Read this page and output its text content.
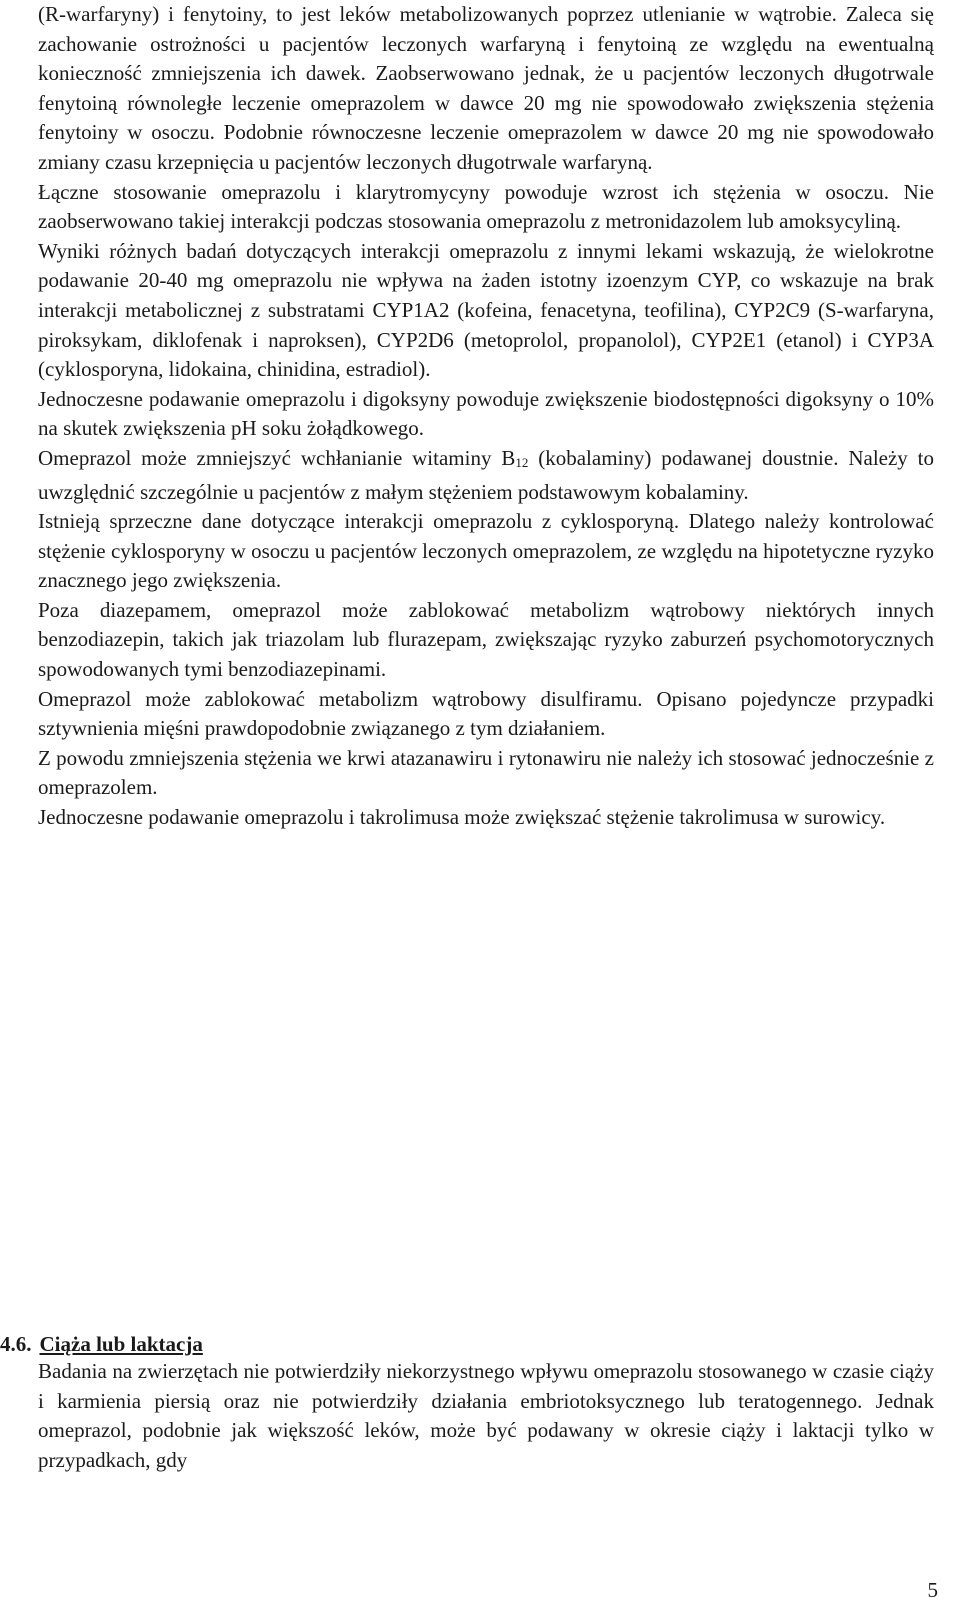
(R-warfaryny) i fenytoiny, to jest leków metabolizowanych poprzez utlenianie w wątrobie. Zaleca się zachowanie ostrożności u pacjentów leczonych warfaryną i fenytoiną ze względu na ewentualną konieczność zmniejszenia ich dawek. Zaobserwowano jednak, że u pacjentów leczonych długotrwale fenytoiną równoległe leczenie omeprazolem w dawce 20 mg nie spowodowało zwiększenia stężenia fenytoiny w osoczu. Podobnie równoczesne leczenie omeprazolem w dawce 20 mg nie spowodowało zmiany czasu krzepnięcia u pacjentów leczonych długotrwale warfaryną.

Łączne stosowanie omeprazolu i klarytromycyny powoduje wzrost ich stężenia w osoczu. Nie zaobserwowano takiej interakcji podczas stosowania omeprazolu z metronidazolem lub amoksycyliną.

Wyniki różnych badań dotyczących interakcji omeprazolu z innymi lekami wskazują, że wielokrotne podawanie 20-40 mg omeprazolu nie wpływa na żaden istotny izoenzym CYP, co wskazuje na brak interakcji metabolicznej z substratami CYP1A2 (kofeina, fenacetyna, teofilina), CYP2C9 (S-warfaryna, piroksykam, diklofenak i naproksen), CYP2D6 (metoprolol, propanolol), CYP2E1 (etanol) i CYP3A (cyklosporyna, lidokaina, chinidina, estradiol).

Jednoczesne podawanie omeprazolu i digoksyny powoduje zwiększenie biodostępności digoksyny o 10% na skutek zwiększenia pH soku żołądkowego.

Omeprazol może zmniejszyć wchłanianie witaminy $B_{12}$ (kobalaminy) podawanej doustnie. Należy to uwzględnić szczególnie u pacjentów z małym stężeniem podstawowym kobalaminy.

Istnieją sprzeczne dane dotyczące interakcji omeprazolu z cyklosporyną. Dlatego należy kontrolować stężenie cyklosporyny w osoczu u pacjentów leczonych omeprazolem, ze względu na hipotetyczne ryzyko znacznego jego zwiększenia.

Poza diazepamem, omeprazol może zablokować metabolizm wątrobowy niektórych innych benzodiazepin, takich jak triazolam lub flurazepam, zwiększając ryzyko zaburzeń psychomotorycznych spowodowanych tymi benzodiazepinami.

Omeprazol może zablokować metabolizm wątrobowy disulfiramu. Opisano pojedyncze przypadki sztywnienia mięśni prawdopodobnie związanego z tym działaniem.

Z powodu zmniejszenia stężenia we krwi atazanawiru i rytonawiru nie należy ich stosować jednocześnie z omeprazolem.

Jednoczesne podawanie omeprazolu i takrolimusa może zwiększać stężenie takrolimusa w surowicy.

4.6. Ciąża lub laktacja

Badania na zwierzętach nie potwierdziły niekorzystnego wpływu omeprazolu stosowanego w czasie ciąży i karmienia piersią oraz nie potwierdziły działania embriotoksycznego lub teratogennego. Jednak omeprazol, podobnie jak większość leków, może być podawany w okresie ciąży i laktacji tylko w przypadkach, gdy

5
